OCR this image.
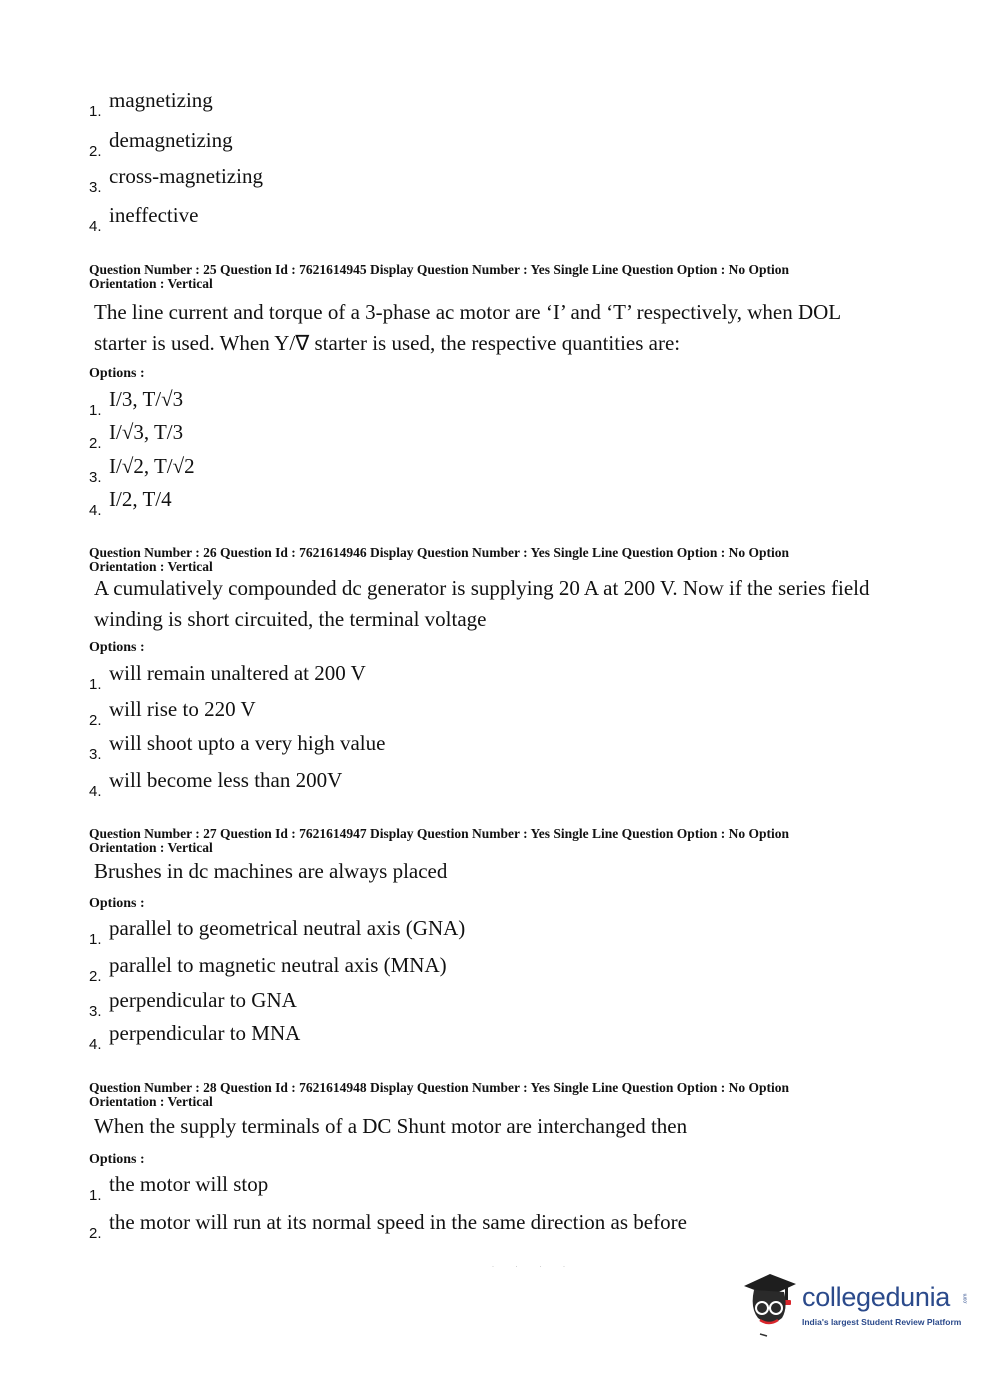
1. magnetizing
2. demagnetizing
3. cross-magnetizing
4. ineffective
Question Number : 25 Question Id : 7621614945 Display Question Number : Yes Single Line Question Option : No Option Orientation : Vertical
The line current and torque of a 3-phase ac motor are ‘I’ and ‘T’ respectively, when DOL starter is used. When Y/∇ starter is used, the respective quantities are:
Options :
1. I/3, T/√3
2. I/√3, T/3
3. I/√2, T/√2
4. I/2, T/4
Question Number : 26 Question Id : 7621614946 Display Question Number : Yes Single Line Question Option : No Option Orientation : Vertical
A cumulatively compounded dc generator is supplying 20 A at 200 V. Now if the series field winding is short circuited, the terminal voltage
Options :
1. will remain unaltered at 200 V
2. will rise to 220 V
3. will shoot upto a very high value
4. will become less than 200V
Question Number : 27 Question Id : 7621614947 Display Question Number : Yes Single Line Question Option : No Option Orientation : Vertical
Brushes in dc machines are always placed
Options :
1. parallel to geometrical neutral axis (GNA)
2. parallel to magnetic neutral axis (MNA)
3. perpendicular to GNA
4. perpendicular to MNA
Question Number : 28 Question Id : 7621614948 Display Question Number : Yes Single Line Question Option : No Option Orientation : Vertical
When the supply terminals of a DC Shunt motor are interchanged then
Options :
1. the motor will stop
2. the motor will run at its normal speed in the same direction as before
· · · ·
collegedunia .com
India's largest Student Review Platform
